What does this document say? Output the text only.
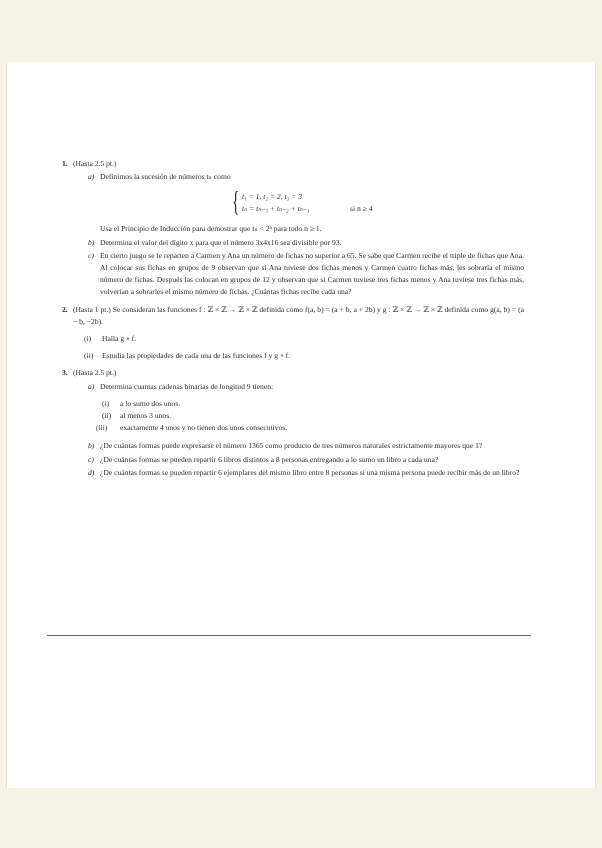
1. (Hasta 2.5 pt.)
a) Definimos la sucesión de números tₙ como
{ t₁ = 1, t₂ = 2, t₃ = 3
tₙ = tₙ₋₃ + tₙ₋₂ + tₙ₋₁	si n ≥ 4
Usa el Principio de Inducción para demostrar que tₙ < 2ⁿ para todo n ≥ 1.
b) Determina el valor del dígito x para que el número 3x4x16 sea divisible por 93.
c) En cierto juego se le reparten a Carmen y Ana un número de fichas no superior a 65. Se sabe que Carmen recibe el triple de fichas que Ana. Al colocar sus fichas en grupos de 9 observan que si Ana tuviese dos fichas menos y Carmen cuatro fichas más, les sobraría el mismo número de fichas. Después las colocan en grupos de 12 y observan que si Carmen tuviese tres fichas menos y Ana tuviese tres fichas más, volverían a sobrarles el mismo número de fichas. ¿Cuántas fichas recibe cada una?
2. (Hasta 1 pt.) Se consideran las funciones f : ℤ × ℤ → ℤ × ℤ definida como f(a, b) = (a + b, a + 2b) y g : ℤ × ℤ → ℤ × ℤ definida como g(a, b) = (a − b, −2b).
(i)	Halla g ∘ f.
(ii)	Estudia las propiedades de cada una de las funciones f y g ∘ f.
3. (Hasta 2.5 pt.)
a) Determina cuantas cadenas binarias de longitud 9 tienen:
(i)	a lo sumo dos unos.
(ii)	al menos 3 unos.
(iii)	exactamente 4 unos y no tienen dos unos consecutivos.
b) ¿De cuántas formas puede expresarse el número 1365 como producto de tres números naturales estrictamente mayores que 1?
c) ¿De cuántas formas se pueden repartir 6 libros distintos a 8 personas entregando a lo sumo un libro a cada una?
d) ¿De cuántas formas se pueden repartir 6 ejemplares del mismo libro entre 8 personas si una misma persona puede recibir más de un libro?
